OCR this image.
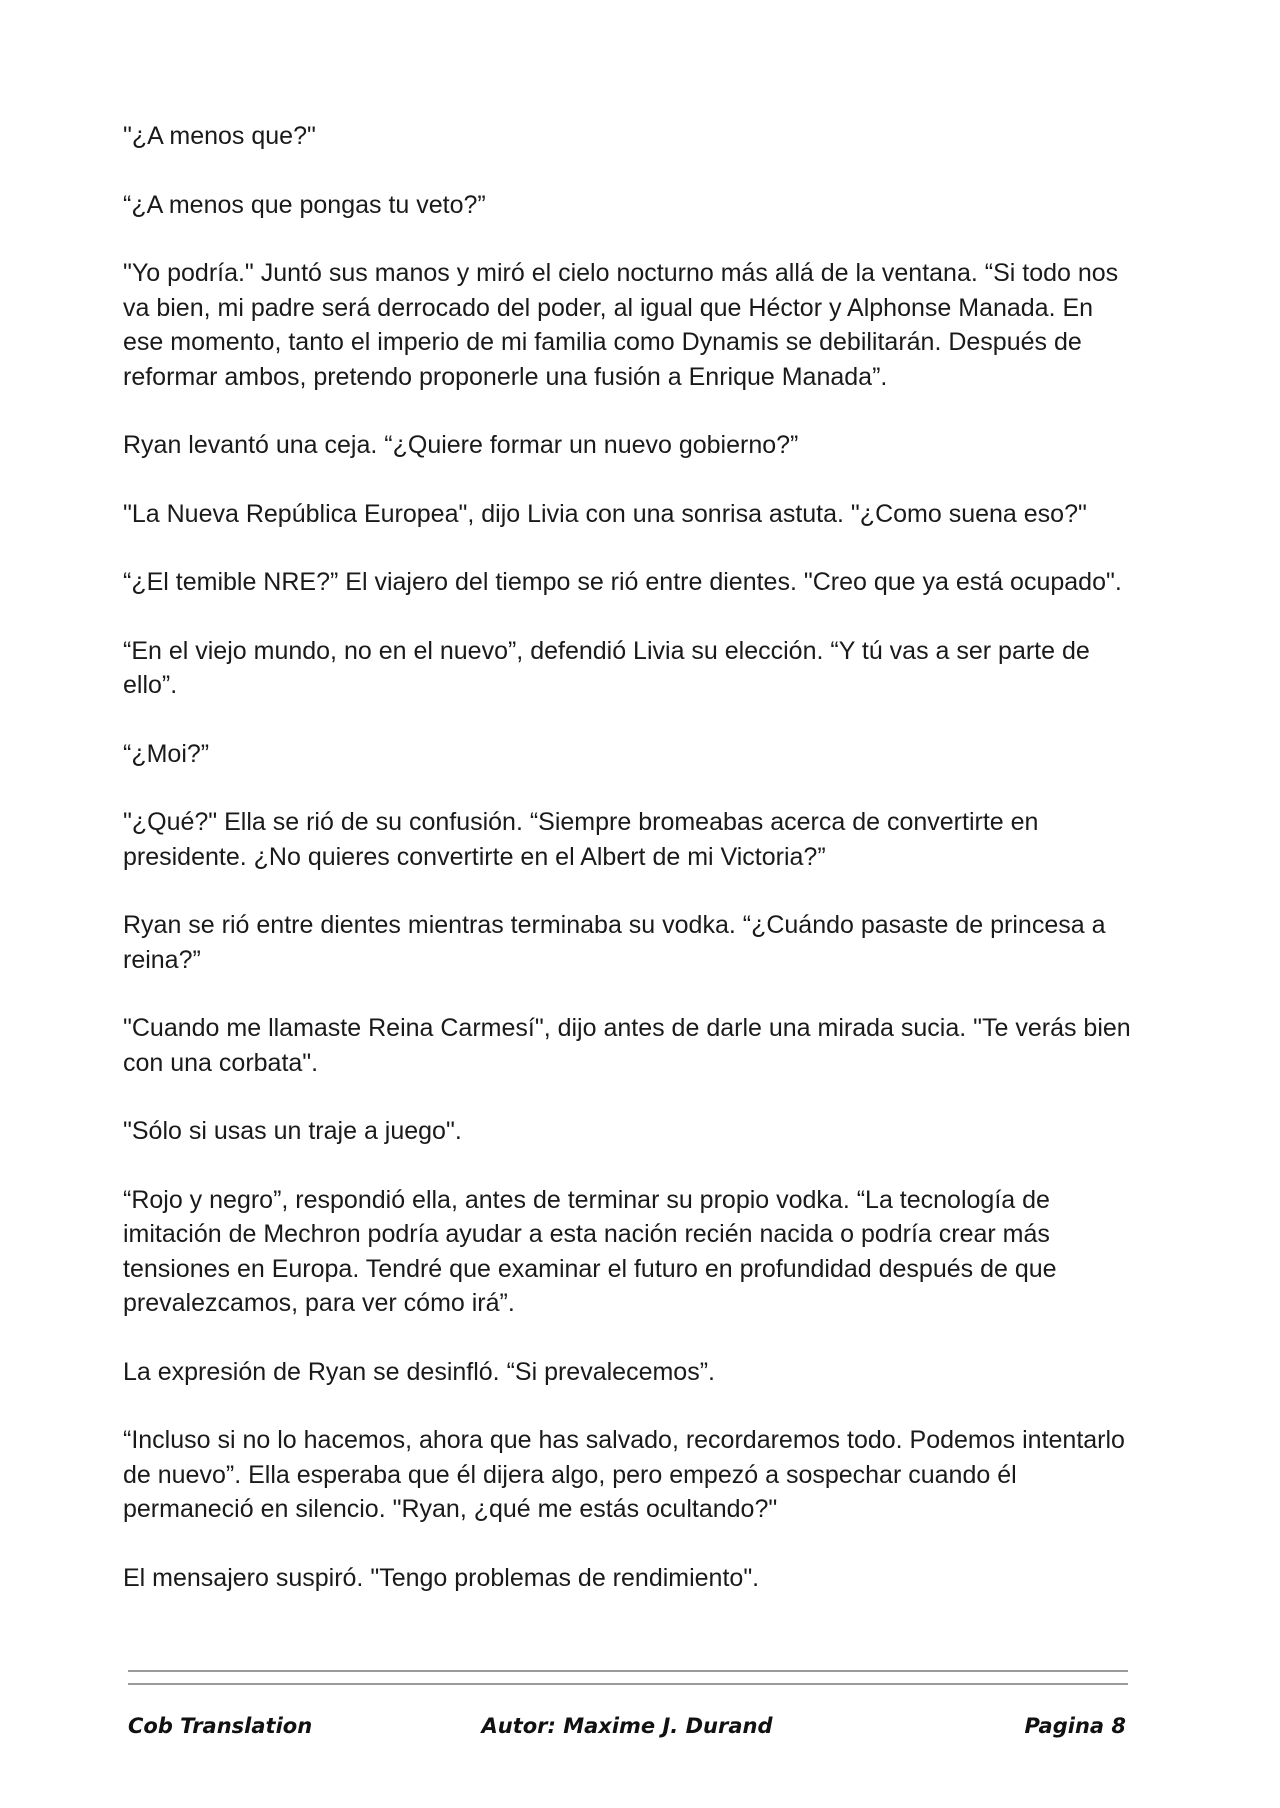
"¿A menos que?"

“¿A menos que pongas tu veto?”

"Yo podría." Juntó sus manos y miró el cielo nocturno más allá de la ventana. “Si todo nos va bien, mi padre será derrocado del poder, al igual que Héctor y Alphonse Manada. En ese momento, tanto el imperio de mi familia como Dynamis se debilitarán. Después de reformar ambos, pretendo proponerle una fusión a Enrique Manada”.

Ryan levantó una ceja. “¿Quiere formar un nuevo gobierno?”

"La Nueva República Europea", dijo Livia con una sonrisa astuta. "¿Como suena eso?"

“¿El temible NRE?” El viajero del tiempo se rió entre dientes. "Creo que ya está ocupado".

“En el viejo mundo, no en el nuevo”, defendió Livia su elección. “Y tú vas a ser parte de ello”.

“¿Moi?”

"¿Qué?" Ella se rió de su confusión. “Siempre bromeabas acerca de convertirte en presidente. ¿No quieres convertirte en el Albert de mi Victoria?”

Ryan se rió entre dientes mientras terminaba su vodka. “¿Cuándo pasaste de princesa a reina?”

"Cuando me llamaste Reina Carmesí", dijo antes de darle una mirada sucia. "Te verás bien con una corbata".

"Sólo si usas un traje a juego".

“Rojo y negro”, respondió ella, antes de terminar su propio vodka. “La tecnología de imitación de Mechron podría ayudar a esta nación recién nacida o podría crear más tensiones en Europa. Tendré que examinar el futuro en profundidad después de que prevalezcamos, para ver cómo irá”.

La expresión de Ryan se desinfló. “Si prevalecemos”.

“Incluso si no lo hacemos, ahora que has salvado, recordaremos todo. Podemos intentarlo de nuevo”. Ella esperaba que él dijera algo, pero empezó a sospechar cuando él permaneció en silencio. "Ryan, ¿qué me estás ocultando?"

El mensajero suspiró. "Tengo problemas de rendimiento".

Cob Translation	Autor: Maxime J. Durand	Pagina 8
